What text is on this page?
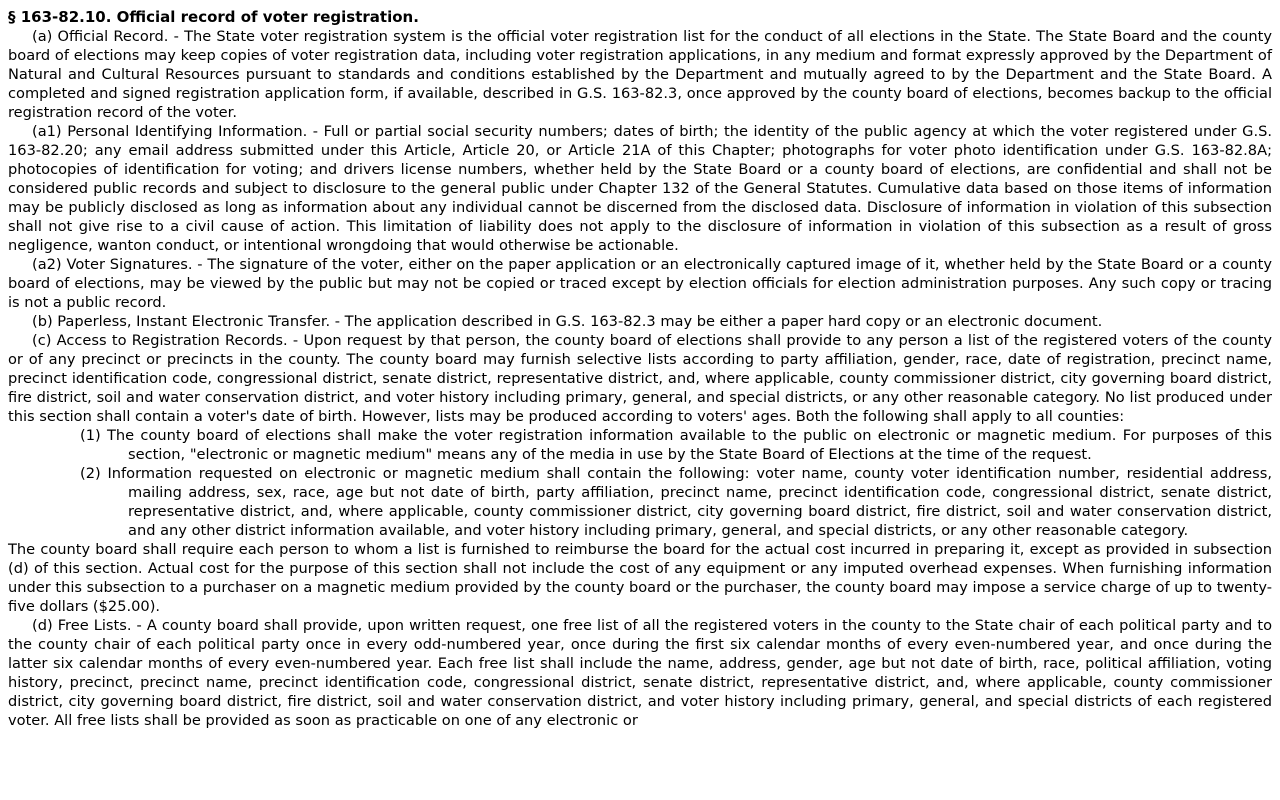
§ 163-82.10. Official record of voter registration.

(a) Official Record. - The State voter registration system is the official voter registration list for the conduct of all elections in the State. The State Board and the county board of elections may keep copies of voter registration data, including voter registration applications, in any medium and format expressly approved by the Department of Natural and Cultural Resources pursuant to standards and conditions established by the Department and mutually agreed to by the Department and the State Board. A completed and signed registration application form, if available, described in G.S. 163-82.3, once approved by the county board of elections, becomes backup to the official registration record of the voter.

(a1) Personal Identifying Information. - Full or partial social security numbers; dates of birth; the identity of the public agency at which the voter registered under G.S. 163-82.20; any email address submitted under this Article, Article 20, or Article 21A of this Chapter; photographs for voter photo identification under G.S. 163-82.8A; photocopies of identification for voting; and drivers license numbers, whether held by the State Board or a county board of elections, are confidential and shall not be considered public records and subject to disclosure to the general public under Chapter 132 of the General Statutes. Cumulative data based on those items of information may be publicly disclosed as long as information about any individual cannot be discerned from the disclosed data. Disclosure of information in violation of this subsection shall not give rise to a civil cause of action. This limitation of liability does not apply to the disclosure of information in violation of this subsection as a result of gross negligence, wanton conduct, or intentional wrongdoing that would otherwise be actionable.

(a2) Voter Signatures. - The signature of the voter, either on the paper application or an electronically captured image of it, whether held by the State Board or a county board of elections, may be viewed by the public but may not be copied or traced except by election officials for election administration purposes. Any such copy or tracing is not a public record.

(b) Paperless, Instant Electronic Transfer. - The application described in G.S. 163-82.3 may be either a paper hard copy or an electronic document.

(c) Access to Registration Records. - Upon request by that person, the county board of elections shall provide to any person a list of the registered voters of the county or of any precinct or precincts in the county. The county board may furnish selective lists according to party affiliation, gender, race, date of registration, precinct name, precinct identification code, congressional district, senate district, representative district, and, where applicable, county commissioner district, city governing board district, fire district, soil and water conservation district, and voter history including primary, general, and special districts, or any other reasonable category. No list produced under this section shall contain a voter's date of birth. However, lists may be produced according to voters' ages. Both the following shall apply to all counties:

(1) The county board of elections shall make the voter registration information available to the public on electronic or magnetic medium. For purposes of this section, "electronic or magnetic medium" means any of the media in use by the State Board of Elections at the time of the request.

(2) Information requested on electronic or magnetic medium shall contain the following: voter name, county voter identification number, residential address, mailing address, sex, race, age but not date of birth, party affiliation, precinct name, precinct identification code, congressional district, senate district, representative district, and, where applicable, county commissioner district, city governing board district, fire district, soil and water conservation district, and any other district information available, and voter history including primary, general, and special districts, or any other reasonable category.

The county board shall require each person to whom a list is furnished to reimburse the board for the actual cost incurred in preparing it, except as provided in subsection (d) of this section. Actual cost for the purpose of this section shall not include the cost of any equipment or any imputed overhead expenses. When furnishing information under this subsection to a purchaser on a magnetic medium provided by the county board or the purchaser, the county board may impose a service charge of up to twenty-five dollars ($25.00).

(d) Free Lists. - A county board shall provide, upon written request, one free list of all the registered voters in the county to the State chair of each political party and to the county chair of each political party once in every odd-numbered year, once during the first six calendar months of every even-numbered year, and once during the latter six calendar months of every even-numbered year. Each free list shall include the name, address, gender, age but not date of birth, race, political affiliation, voting history, precinct, precinct name, precinct identification code, congressional district, senate district, representative district, and, where applicable, county commissioner district, city governing board district, fire district, soil and water conservation district, and voter history including primary, general, and special districts of each registered voter. All free lists shall be provided as soon as practicable on one of any electronic or
